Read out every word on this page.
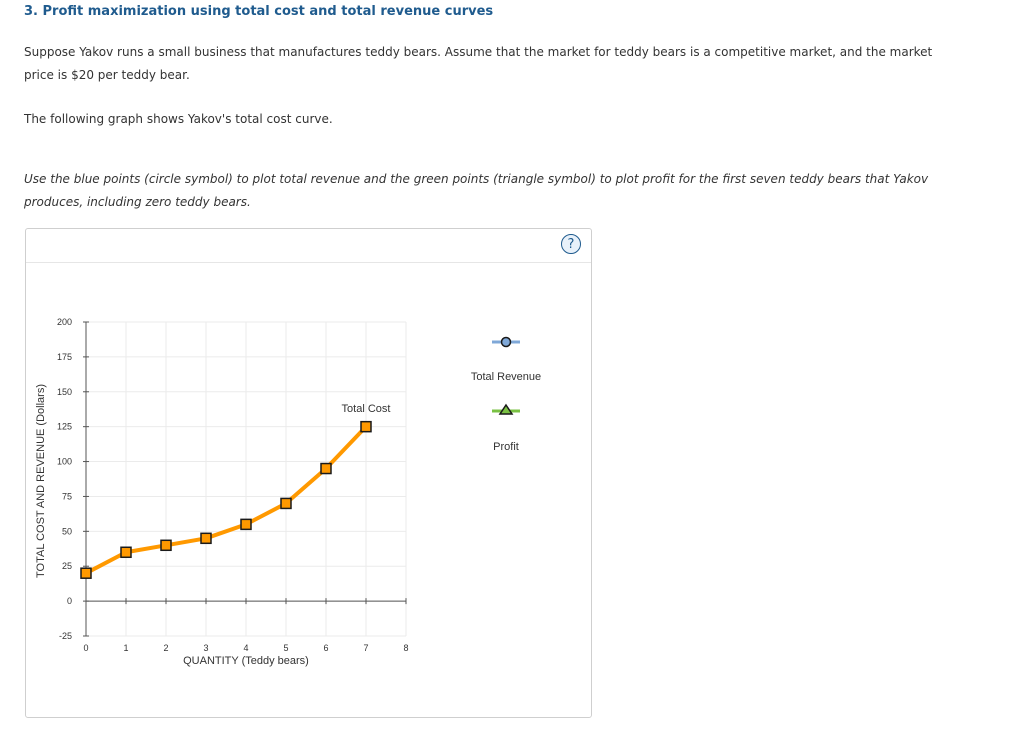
3. Profit maximization using total cost and total revenue curves
Suppose Yakov runs a small business that manufactures teddy bears. Assume that the market for teddy bears is a competitive market, and the market
price is $20 per teddy bear.
The following graph shows Yakov's total cost curve.
Use the blue points (circle symbol) to plot total revenue and the green points (triangle symbol) to plot profit for the first seven teddy bears that Yakov
produces, including zero teddy bears.
?
-25
0
25
50
75
100
125
150
175
200
0	1	2	3	4	5	6	7	8
QUANTITY (Teddy bears)
TOTAL COST AND REVENUE (Dollars)	Total Cost
Total Revenue
Profit
